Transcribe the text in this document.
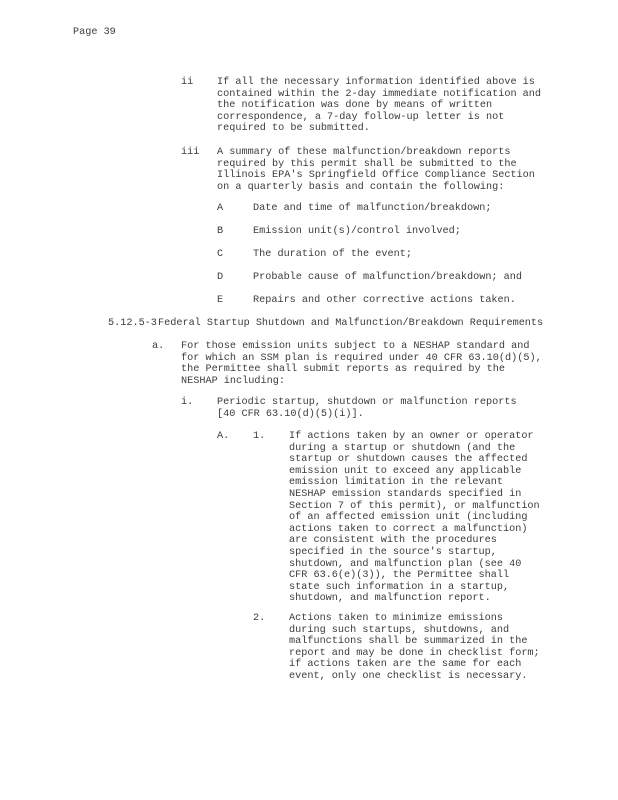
Page 39
ii If all the necessary information identified above is
contained within the 2-day immediate notification and
the notification was done by means of written
correspondence, a 7-day follow-up letter is not
required to be submitted.
iii A summary of these malfunction/breakdown reports
required by this permit shall be submitted to the
Illinois EPA's Springfield Office Compliance Section
on a quarterly basis and contain the following:
A	Date and time of malfunction/breakdown;
B	Emission unit(s)/control involved;
C	The duration of the event;
D	Probable cause of malfunction/breakdown; and
E	Repairs and other corrective actions taken.
5.12.5-3 Federal Startup Shutdown and Malfunction/Breakdown Requirements
a. For those emission units subject to a NESHAP standard and
for which an SSM plan is required under 40 CFR 63.10(d)(5),
the Permittee shall submit reports as required by the
NESHAP including:
i. Periodic startup, shutdown or malfunction reports
[40 CFR 63.10(d)(5)(i)].
A. 1. If actions taken by an owner or operator
during a startup or shutdown (and the
startup or shutdown causes the affected
emission unit to exceed any applicable
emission limitation in the relevant
NESHAP emission standards specified in
Section 7 of this permit), or malfunction
of an affected emission unit (including
actions taken to correct a malfunction)
are consistent with the procedures
specified in the source's startup,
shutdown, and malfunction plan (see 40
CFR 63.6(e)(3)), the Permittee shall
state such information in a startup,
shutdown, and malfunction report.
2. Actions taken to minimize emissions
during such startups, shutdowns, and
malfunctions shall be summarized in the
report and may be done in checklist form;
if actions taken are the same for each
event, only one checklist is necessary.
